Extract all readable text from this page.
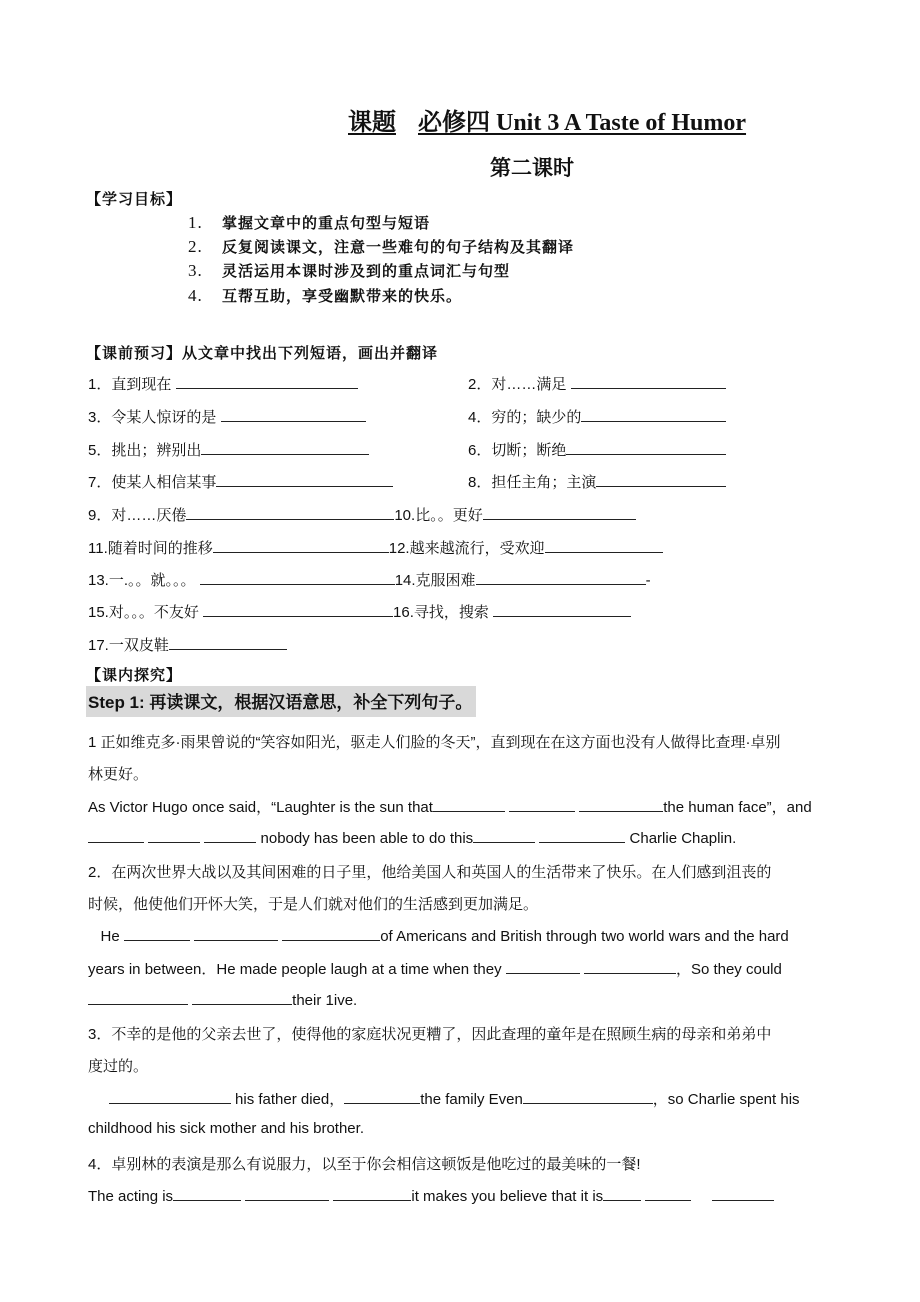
课题 必修四 Unit 3 A Taste of Humor
第二课时
【学习目标】
1. 掌握文章中的重点句型与短语
2. 反复阅读课文，注意一些难句的句子结构及其翻译
3. 灵活运用本课时涉及到的重点词汇与句型
4. 互帮互助，享受幽默带来的快乐。
【课前预习】从文章中找出下列短语，画出并翻译
1．直到现在	2．对……满足
3．令某人惊讶的是	4．穷的；缺少的
5．挑出；辨别出	6．切断；断绝
7．使某人相信某事	8．担任主角；主演
9．对……厌倦	10.比。。更好
11.随着时间的推移	12.越来越流行，受欢迎
13.一.。。就。。。	14.克服困难	-
15.对。。。不友好	16.寻找，搜索
17.一双皮鞋
【课内探究】
Step 1: 再读课文，根据汉语意思，补全下列句子。
1 正如维克多·雨果曾说的“笑容如阳光，驱走人们脸的冬天”，直到现在在这方面也没有人做得比查理·卓别
林更好。
As Victor Hugo once said，“Laughter is the sun that	the human face”，and
nobody has been able to do this	Charlie Chaplin.
2．在两次世界大战以及其间困难的日子里，他给美国人和英国人的生活带来了快乐。在人们感到沮丧的
时候，他使他们开怀大笑，于是人们就对他们的生活感到更加满足。
He	of Americans and British through two world wars and the hard
years in between．He made people laugh at a time when they	，So they could
their 1ive.
3．不幸的是他的父亲去世了，使得他的家庭状况更糟了，因此查理的童年是在照顾生病的母亲和弟弟中
度过的。
his father died，	the family Even	，so Charlie spent his
childhood his sick mother and his brother.
4．卓别林的表演是那么有说服力，以至于你会相信这顿饭是他吃过的最美味的一餐!
The acting is	it makes you believe that it is
